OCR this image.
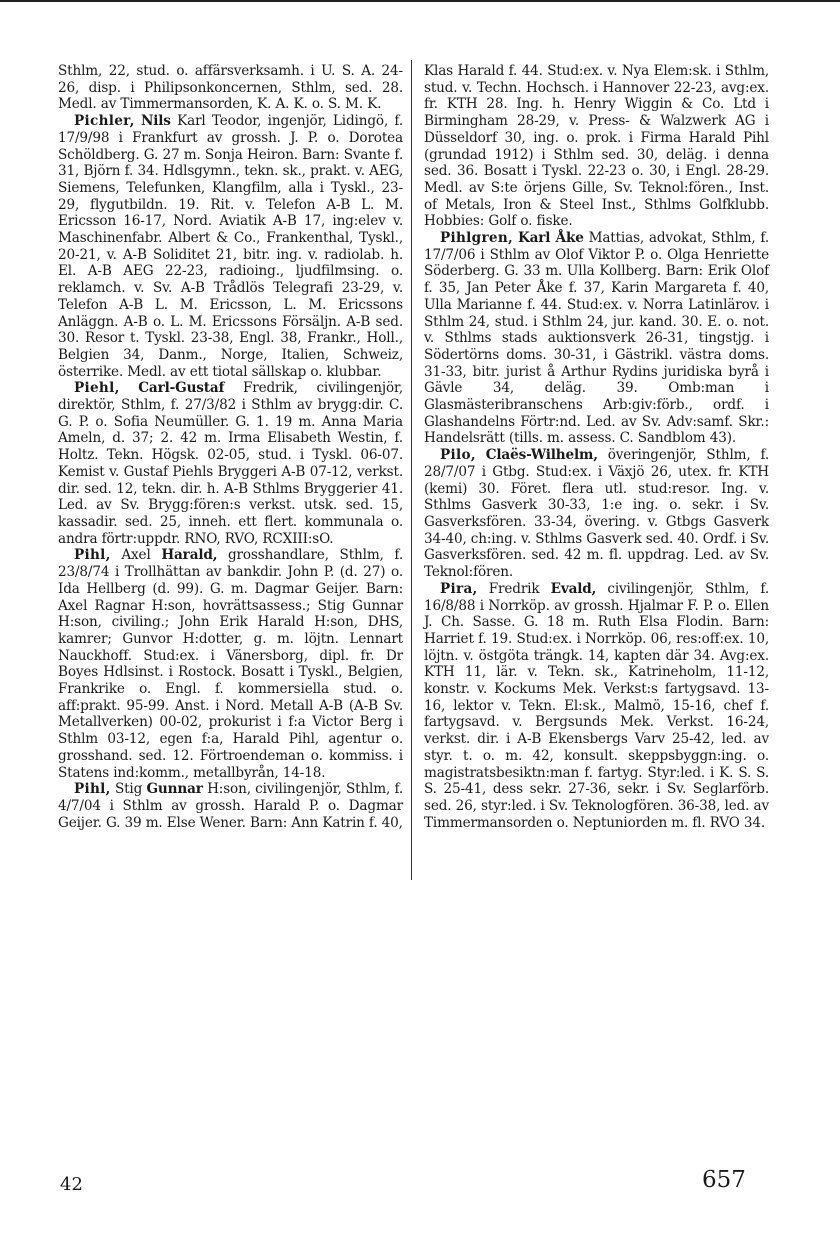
Sthlm, 22, stud. o. affärsverksamh. i U. S. A. 24-26, disp. i Philipsonkoncernen, Sthlm, sed. 28. Medl. av Timmermansorden, K. A. K. o. S. M. K.

Pichler, Nils Karl Teodor, ingenjör, Lidingö, f. 17/9/98 i Frankfurt av grossh. J. P. o. Dorotea Schöldberg. G. 27 m. Sonja Heiron. Barn: Svante f. 31, Björn f. 34. Hdlsgymn., tekn. sk., prakt. v. AEG, Siemens, Telefunken, Klangfilm, alla i Tyskl., 23-29, flygutbildn. 19. Rit. v. Telefon A-B L. M. Ericsson 16-17, Nord. Aviatik A-B 17, ing:elev v. Maschinenfabr. Albert & Co., Frankenthal, Tyskl., 20-21, v. A-B Soliditet 21, bitr. ing. v. radiolab. h. El. A-B AEG 22-23, radioing., ljudfilmsing. o. reklamch. v. Sv. A-B Trådlös Telegrafi 23-29, v. Telefon A-B L. M. Ericsson, L. M. Ericssons Anläggn. A-B o. L. M. Ericssons Försäljn. A-B sed. 30. Resor t. Tyskl. 23-38, Engl. 38, Frankr., Holl., Belgien 34, Danm., Norge, Italien, Schweiz, österrike. Medl. av ett tiotal sällskap o. klubbar.

Piehl, Carl-Gustaf Fredrik, civilingenjör, direktör, Sthlm, f. 27/3/82 i Sthlm av brygg:dir. C. G. P. o. Sofia Neumüller. G. 1. 19 m. Anna Maria Ameln, d. 37; 2. 42 m. Irma Elisabeth Westin, f. Holtz. Tekn. Högsk. 02-05, stud. i Tyskl. 06-07. Kemist v. Gustaf Piehls Bryggeri A-B 07-12, verkst. dir. sed. 12, tekn. dir. h. A-B Sthlms Bryggerier 41. Led. av Sv. Brygg:fören:s verkst. utsk. sed. 15, kassadir. sed. 25, inneh. ett flert. kommunala o. andra förtr:uppdr. RNO, RVO, RCXIII:sO.

Pihl, Axel Harald, grosshandlare, Sthlm, f. 23/8/74 i Trollhättan av bankdir. John P. (d. 27) o. Ida Hellberg (d. 99). G. m. Dagmar Geijer. Barn: Axel Ragnar H:son, hovrättsassess.; Stig Gunnar H:son, civiling.; John Erik Harald H:son, DHS, kamrer; Gunvor H:dotter, g. m. löjtn. Lennart Nauckhoff. Stud:ex. i Vänersborg, dipl. fr. Dr Boyes Hdlsinst. i Rostock. Bosatt i Tyskl., Belgien, Frankrike o. Engl. f. kommersiella stud. o. aff:prakt. 95-99. Anst. i Nord. Metall A-B (A-B Sv. Metallverken) 00-02, prokurist i f:a Victor Berg i Sthlm 03-12, egen f:a, Harald Pihl, agentur o. grosshand. sed. 12. Förtroendeman o. kommiss. i Statens ind:komm., metallbyrån, 14-18.

Pihl, Stig Gunnar H:son, civilingenjör, Sthlm, f. 4/7/04 i Sthlm av grossh. Harald P. o. Dagmar Geijer. G. 39 m. Else Wener. Barn: Ann Katrin f. 40,

Klas Harald f. 44. Stud:ex. v. Nya Elem:sk. i Sthlm, stud. v. Techn. Hochsch. i Hannover 22-23, avg:ex. fr. KTH 28. Ing. h. Henry Wiggin & Co. Ltd i Birmingham 28-29, v. Press- & Walzwerk AG i Düsseldorf 30, ing. o. prok. i Firma Harald Pihl (grundad 1912) i Sthlm sed. 30, deläg. i denna sed. 36. Bosatt i Tyskl. 22-23 o. 30, i Engl. 28-29. Medl. av S:te örjens Gille, Sv. Teknol:fören., Inst. of Metals, Iron & Steel Inst., Sthlms Golfklubb. Hobbies: Golf o. fiske.

Pihlgren, Karl Åke Mattias, advokat, Sthlm, f. 17/7/06 i Sthlm av Olof Viktor P. o. Olga Henriette Söderberg. G. 33 m. Ulla Kollberg. Barn: Erik Olof f. 35, Jan Peter Åke f. 37, Karin Margareta f. 40, Ulla Marianne f. 44. Stud:ex. v. Norra Latinlärov. i Sthlm 24, stud. i Sthlm 24, jur. kand. 30. E. o. not. v. Sthlms stads auktionsverk 26-31, tingstjg. i Södertörns doms. 30-31, i Gästrikl. västra doms. 31-33, bitr. jurist å Arthur Rydins juridiska byrå i Gävle 34, deläg. 39. Omb:man i Glasmästeribranschens Arb:giv:förb., ordf. i Glashandelns Förtr:nd. Led. av Sv. Adv:samf. Skr.: Handelsrätt (tills. m. assess. C. Sandblom 43).

Pilo, Claës-Wilhelm, överingenjör, Sthlm, f. 28/7/07 i Gtbg. Stud:ex. i Växjö 26, utex. fr. KTH (kemi) 30. Föret. flera utl. stud:resor. Ing. v. Sthlms Gasverk 30-33, 1:e ing. o. sekr. i Sv. Gasverksfören. 33-34, övering. v. Gtbgs Gasverk 34-40, ch:ing. v. Sthlms Gasverk sed. 40. Ordf. i Sv. Gasverksfören. sed. 42 m. fl. uppdrag. Led. av Sv. Teknol:fören.

Pira, Fredrik Evald, civilingenjör, Sthlm, f. 16/8/88 i Norrköp. av grossh. Hjalmar F. P. o. Ellen J. Ch. Sasse. G. 18 m. Ruth Elsa Flodin. Barn: Harriet f. 19. Stud:ex. i Norrköp. 06, res:off:ex. 10, löjtn. v. östgöta trängk. 14, kapten där 34. Avg:ex. KTH 11, lär. v. Tekn. sk., Katrineholm, 11-12, konstr. v. Kockums Mek. Verkst:s fartygsavd. 13-16, lektor v. Tekn. El:sk., Malmö, 15-16, chef f. fartygsavd. v. Bergsunds Mek. Verkst. 16-24, verkst. dir. i A-B Ekensbergs Varv 25-42, led. av styr. t. o. m. 42, konsult. skeppsbyggn:ing. o. magistratsbesiktn:man f. fartyg. Styr:led. i K. S. S. S. 25-41, dess sekr. 27-36, sekr. i Sv. Seglarförb. sed. 26, styr:led. i Sv. Teknologfören. 36-38, led. av Timmermansorden o. Neptuniorden m. fl. RVO 34.

42	657
